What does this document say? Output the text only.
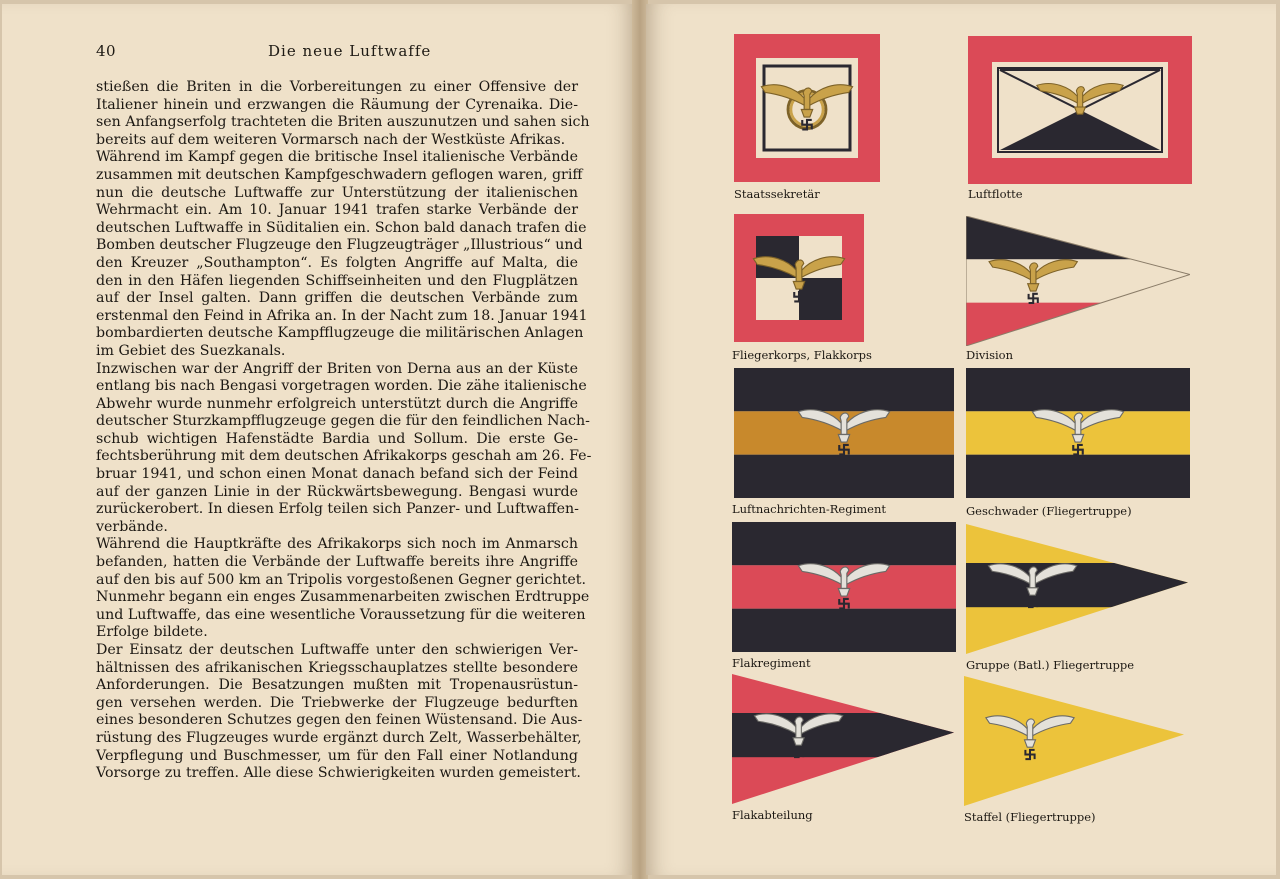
40	Die neue Luftwaffe
stießen die Briten in die Vorbereitungen zu einer Offensive der
Italiener hinein und erzwangen die Räumung der Cyrenaika. Die-
sen Anfangserfolg trachteten die Briten auszunutzen und sahen sich
bereits auf dem weiteren Vormarsch nach der Westküste Afrikas.
Während im Kampf gegen die britische Insel italienische Verbände
zusammen mit deutschen Kampfgeschwadern geflogen waren, griff
nun die deutsche Luftwaffe zur Unterstützung der italienischen
Wehrmacht ein. Am 10. Januar 1941 trafen starke Verbände der
deutschen Luftwaffe in Süditalien ein. Schon bald danach trafen die
Bomben deutscher Flugzeuge den Flugzeugträger „Illustrious“ und
den Kreuzer „Southampton“. Es folgten Angriffe auf Malta, die
den in den Häfen liegenden Schiffseinheiten und den Flugplätzen
auf der Insel galten. Dann griffen die deutschen Verbände zum
erstenmal den Feind in Afrika an. In der Nacht zum 18. Januar 1941
bombardierten deutsche Kampfflugzeuge die militärischen Anlagen
im Gebiet des Suezkanals.
Inzwischen war der Angriff der Briten von Derna aus an der Küste
entlang bis nach Bengasi vorgetragen worden. Die zähe italienische
Abwehr wurde nunmehr erfolgreich unterstützt durch die Angriffe
deutscher Sturzkampfflugzeuge gegen die für den feindlichen Nach-
schub wichtigen Hafenstädte Bardia und Sollum. Die erste Ge-
fechtsberührung mit dem deutschen Afrikakorps geschah am 26. Fe-
bruar 1941, und schon einen Monat danach befand sich der Feind
auf der ganzen Linie in der Rückwärtsbewegung. Bengasi wurde
zurückerobert. In diesen Erfolg teilen sich Panzer- und Luftwaffen-
verbände.
Während die Hauptkräfte des Afrikakorps sich noch im Anmarsch
befanden, hatten die Verbände der Luftwaffe bereits ihre Angriffe
auf den bis auf 500 km an Tripolis vorgestoßenen Gegner gerichtet.
Nunmehr begann ein enges Zusammenarbeiten zwischen Erdtruppe
und Luftwaffe, das eine wesentliche Voraussetzung für die weiteren
Erfolge bildete.
Der Einsatz der deutschen Luftwaffe unter den schwierigen Ver-
hältnissen des afrikanischen Kriegsschauplatzes stellte besondere
Anforderungen. Die Besatzungen mußten mit Tropenausrüstun-
gen versehen werden. Die Triebwerke der Flugzeuge bedurften
eines besonderen Schutzes gegen den feinen Wüstensand. Die Aus-
rüstung des Flugzeuges wurde ergänzt durch Zelt, Wasserbehälter,
Verpflegung und Buschmesser, um für den Fall einer Notlandung
Vorsorge zu treffen. Alle diese Schwierigkeiten wurden gemeistert.
Staatssekretär	Luftflotte
Fliegerkorps, Flakkorps	Division
Luftnachrichten-Regiment	Geschwader (Fliegertruppe)
Flakregiment	Gruppe (Batl.) Fliegertruppe
Flakabteilung	Staffel (Fliegertruppe)
